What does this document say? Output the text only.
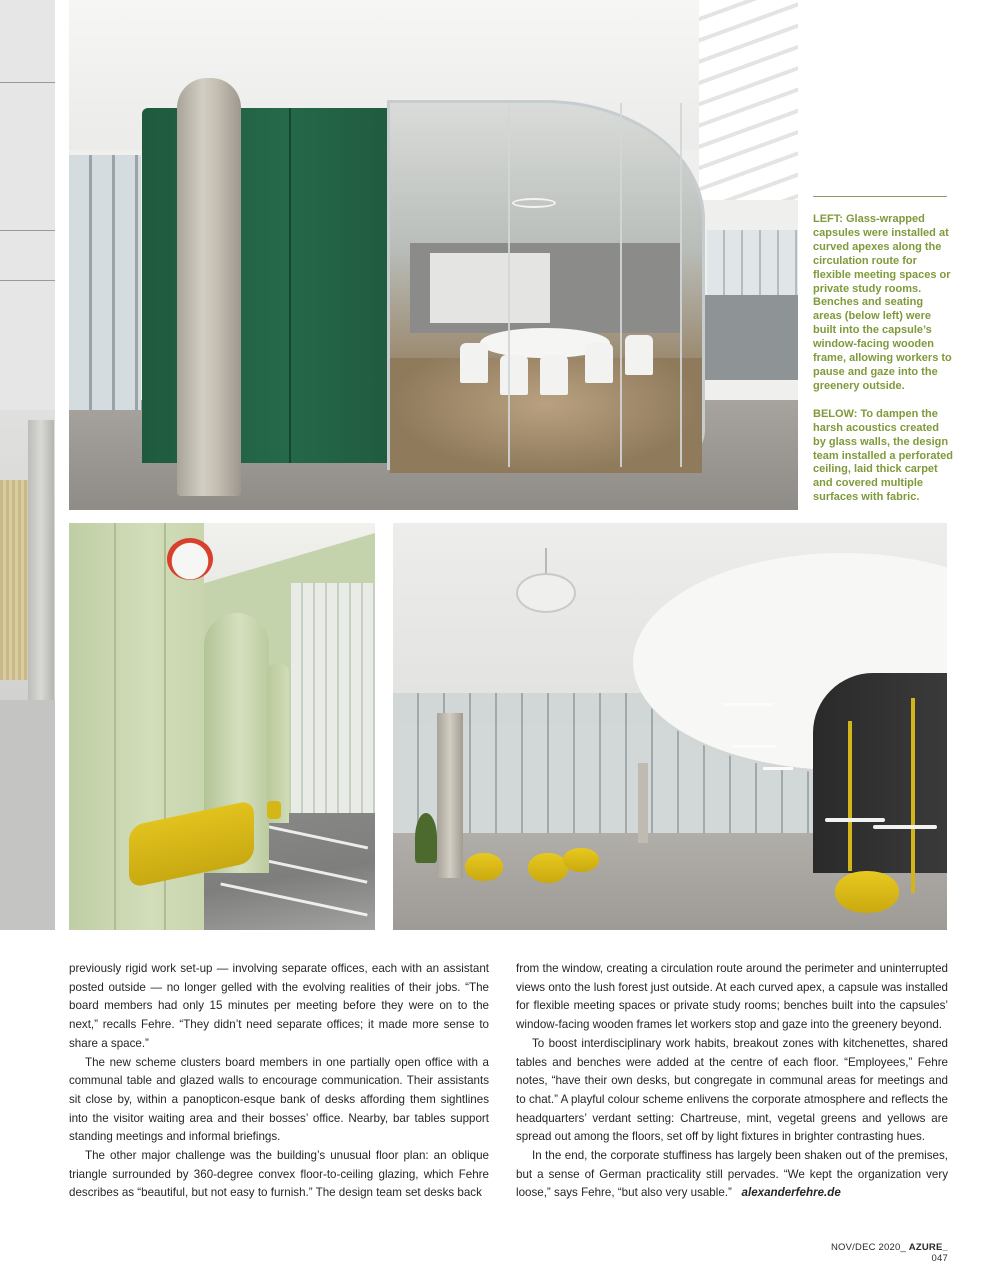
LEFT: Glass-wrapped capsules were installed at curved apexes along the circulation route for flexible meeting spaces or private study rooms. Benches and seating areas (below left) were built into the capsule’s window-facing wooden frame, allowing workers to pause and gaze into the greenery outside.

BELOW: To dampen the harsh acoustics created by glass walls, the design team installed a perforated ceiling, laid thick carpet and covered multiple surfaces with fabric.

previously rigid work set-up — involving separate offices, each with an assistant posted outside — no longer gelled with the evolving realities of their jobs. “The board members had only 15 minutes per meeting before they were on to the next,” recalls Fehre. “They didn’t need separate offices; it made more sense to share a space.”

The new scheme clusters board members in one partially open office with a communal table and glazed walls to encourage communication. Their assistants sit close by, within a panopticon-esque bank of desks affording them sightlines into the visitor waiting area and their bosses’ office. Nearby, bar tables support standing meetings and informal briefings.

The other major challenge was the building’s unusual floor plan: an oblique triangle surrounded by 360-degree convex floor-to-ceiling glazing, which Fehre describes as “beautiful, but not easy to furnish.” The design team set desks back

from the window, creating a circulation route around the perimeter and uninterrupted views onto the lush forest just outside. At each curved apex, a capsule was installed for flexible meeting spaces or private study rooms; benches built into the capsules’ window-facing wooden frames let workers stop and gaze into the greenery beyond.

To boost interdisciplinary work habits, breakout zones with kitchenettes, shared tables and benches were added at the centre of each floor. “Employees,” Fehre notes, “have their own desks, but congregate in communal areas for meetings and to chat.” A playful colour scheme enlivens the corporate atmosphere and reflects the headquarters’ verdant setting: Chartreuse, mint, vegetal greens and yellows are spread out among the floors, set off by light fixtures in brighter contrasting hues.

In the end, the corporate stuffiness has largely been shaken out of the premises, but a sense of German practicality still pervades. “We kept the organization very loose,” says Fehre, “but also very usable.” alexanderfehre.de

NOV/DEC 2020_ AZURE_ 047
